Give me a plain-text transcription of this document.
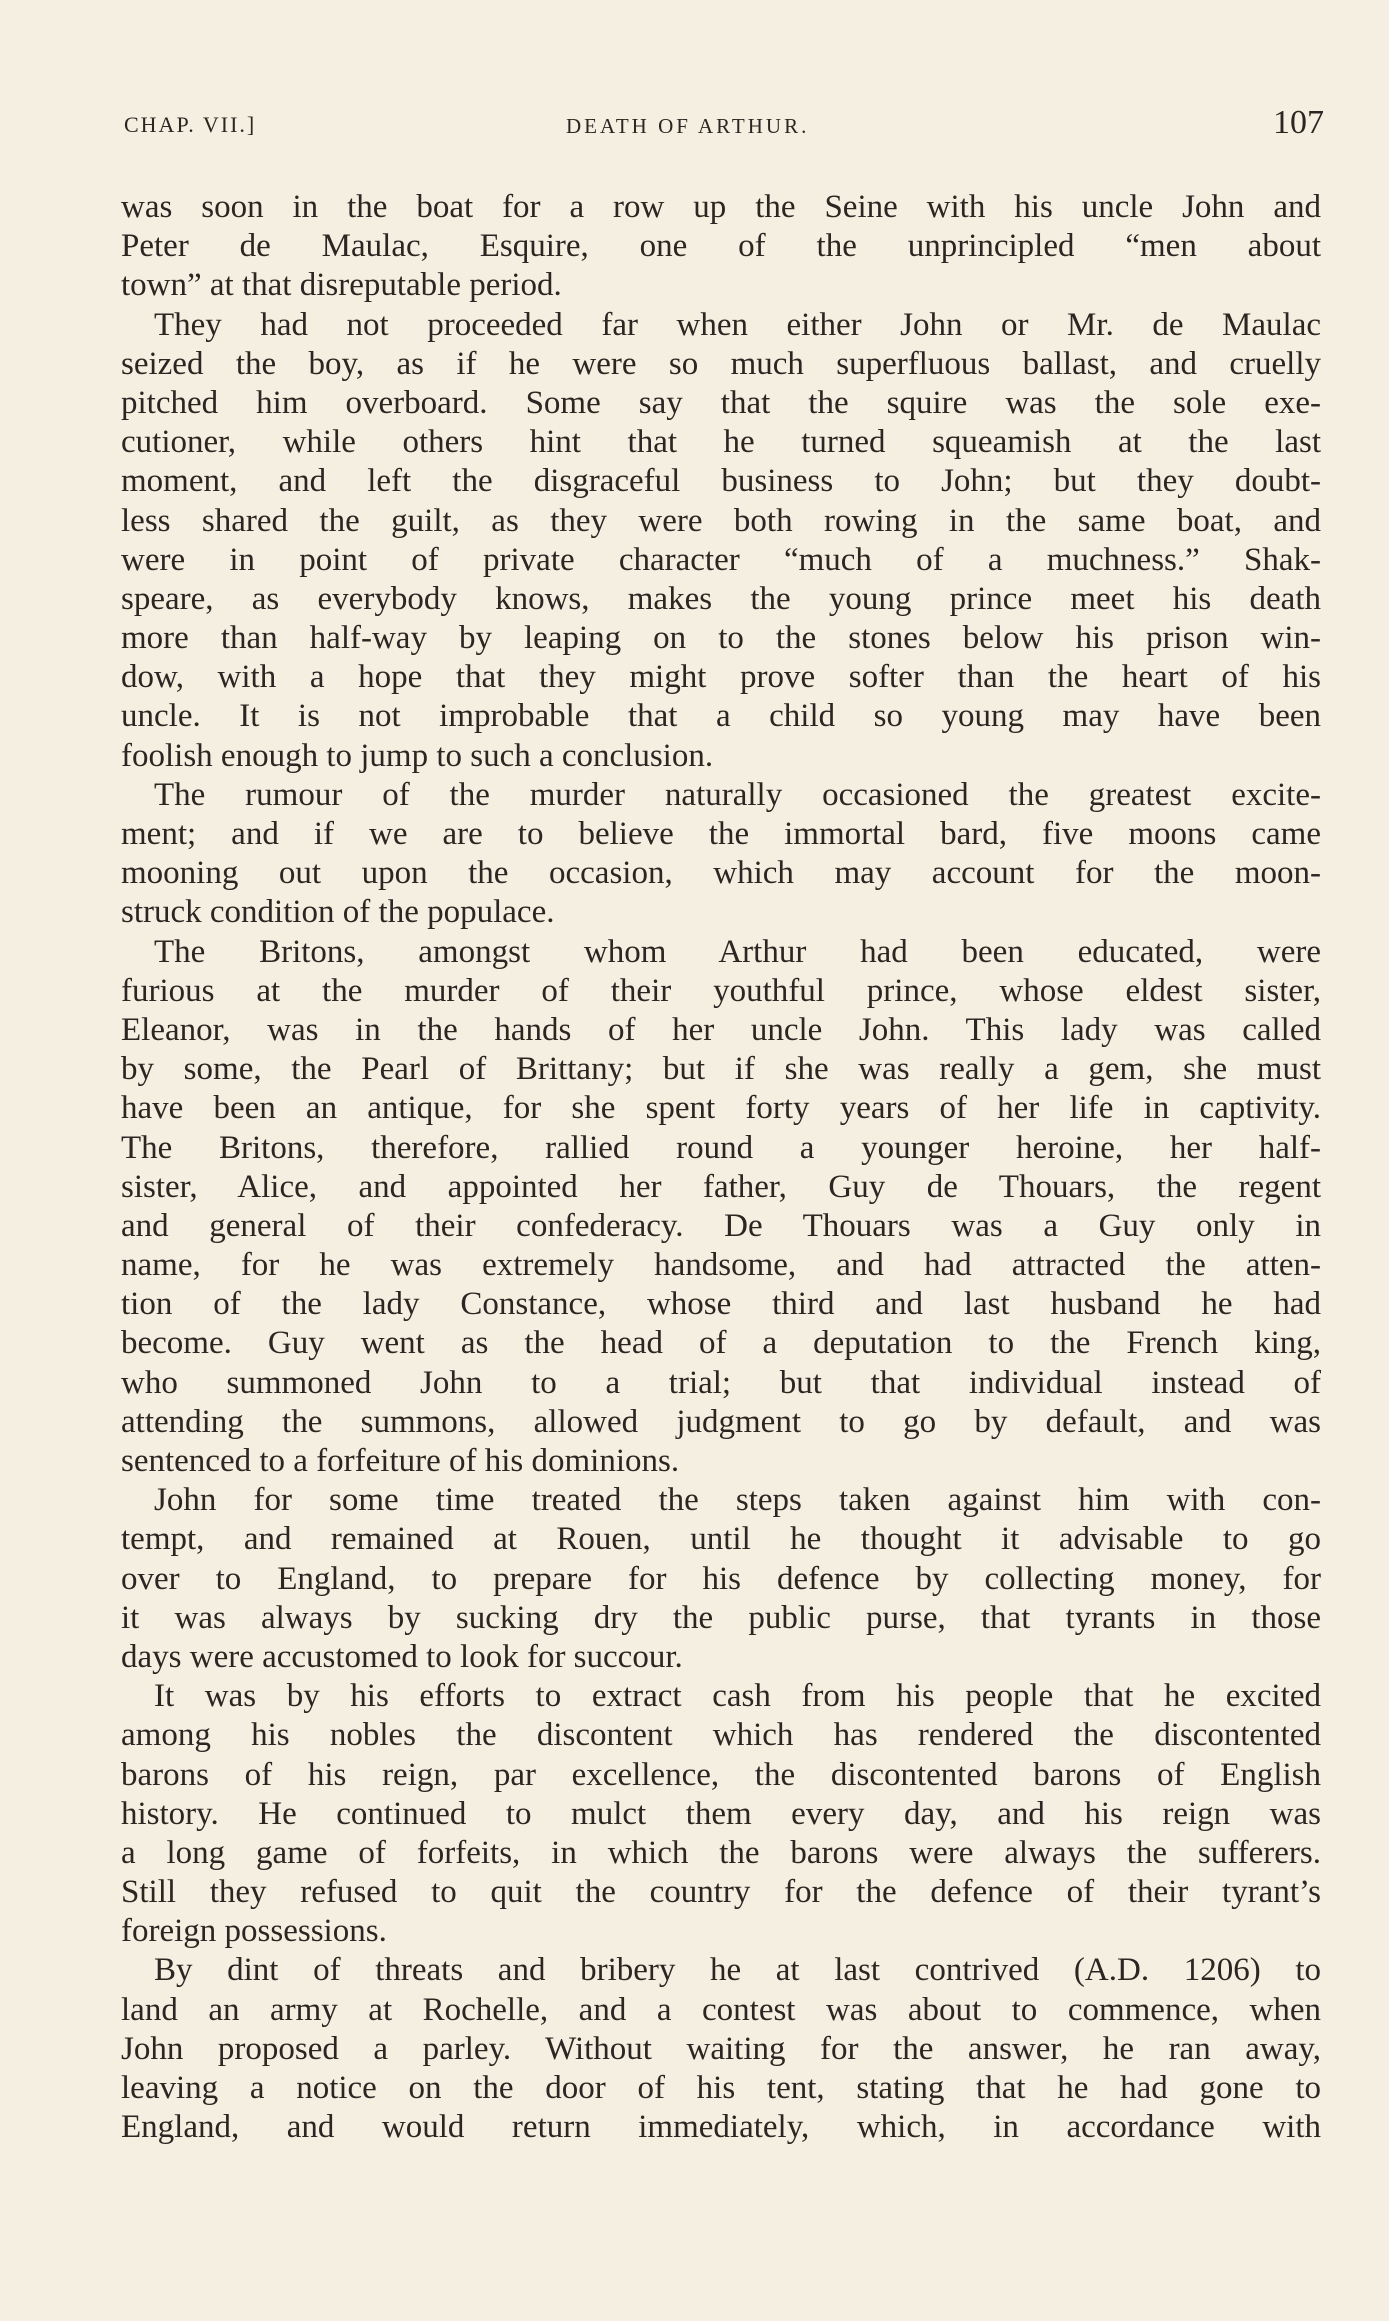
CHAP. VII.]	DEATH OF ARTHUR.	107
was soon in the boat for a row up the Seine with his uncle John and
Peter de Maulac, Esquire, one of the unprincipled “men about
town” at that disreputable period.
They had not proceeded far when either John or Mr. de Maulac
seized the boy, as if he were so much superfluous ballast, and cruelly
pitched him overboard. Some say that the squire was the sole exe-
cutioner, while others hint that he turned squeamish at the last
moment, and left the disgraceful business to John; but they doubt-
less shared the guilt, as they were both rowing in the same boat, and
were in point of private character “much of a muchness.” Shak-
speare, as everybody knows, makes the young prince meet his death
more than half-way by leaping on to the stones below his prison win-
dow, with a hope that they might prove softer than the heart of his
uncle. It is not improbable that a child so young may have been
foolish enough to jump to such a conclusion.
The rumour of the murder naturally occasioned the greatest excite-
ment; and if we are to believe the immortal bard, five moons came
mooning out upon the occasion, which may account for the moon-
struck condition of the populace.
The Britons, amongst whom Arthur had been educated, were
furious at the murder of their youthful prince, whose eldest sister,
Eleanor, was in the hands of her uncle John. This lady was called
by some, the Pearl of Brittany; but if she was really a gem, she must
have been an antique, for she spent forty years of her life in captivity.
The Britons, therefore, rallied round a younger heroine, her half-
sister, Alice, and appointed her father, Guy de Thouars, the regent
and general of their confederacy. De Thouars was a Guy only in
name, for he was extremely handsome, and had attracted the atten-
tion of the lady Constance, whose third and last husband he had
become. Guy went as the head of a deputation to the French king,
who summoned John to a trial; but that individual instead of
attending the summons, allowed judgment to go by default, and was
sentenced to a forfeiture of his dominions.
John for some time treated the steps taken against him with con-
tempt, and remained at Rouen, until he thought it advisable to go
over to England, to prepare for his defence by collecting money, for
it was always by sucking dry the public purse, that tyrants in those
days were accustomed to look for succour.
It was by his efforts to extract cash from his people that he excited
among his nobles the discontent which has rendered the discontented
barons of his reign, par excellence, the discontented barons of English
history. He continued to mulct them every day, and his reign was
a long game of forfeits, in which the barons were always the sufferers.
Still they refused to quit the country for the defence of their tyrant’s
foreign possessions.
By dint of threats and bribery he at last contrived (A.D. 1206) to
land an army at Rochelle, and a contest was about to commence, when
John proposed a parley. Without waiting for the answer, he ran away,
leaving a notice on the door of his tent, stating that he had gone to
England, and would return immediately, which, in accordance with
